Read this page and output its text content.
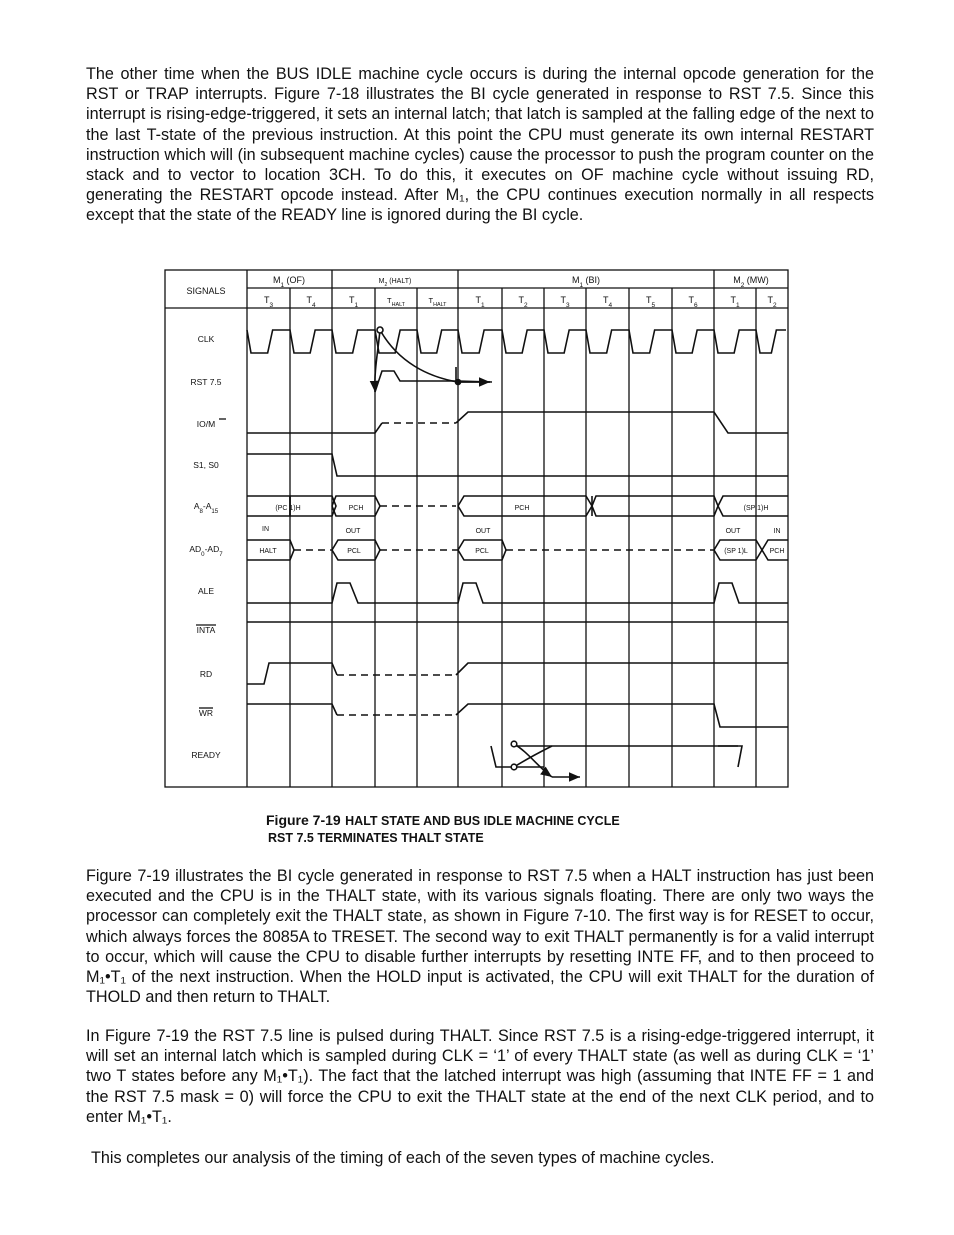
The other time when the BUS IDLE machine cycle occurs is during the internal opcode generation for the RST or TRAP interrupts. Figure 7-18 illustrates the BI cycle generated in response to RST 7.5. Since this interrupt is rising-edge-triggered, it sets an internal latch; that latch is sampled at the falling edge of the next to the last T-state of the previous instruction. At this point the CPU must generate its own internal RESTART instruction which will (in subsequent machine cycles) cause the processor to push the program counter on the stack and to vector to location 3CH. To do this, it executes on OF machine cycle without issuing RD, generating the RESTART opcode instead. After M₁, the CPU continues execution normally in all respects except that the state of the READY line is ignored during the BI cycle.

SIGNALS
$M_1$ (OF)	$M_2$ (HALT)	$M_1$ (BI)	$M_2$ (MW)
$T_3$	$T_4$	$T_1$	$T_{HALT}$	$T_{HALT}$	$T_1$	$T_2$	$T_3$	$T_4$	$T_5$	$T_6$	$T_1$	$T_2$
CLK
RST 7.5
IO/M
S1, S0
$A_8-A_{15}$
$AD_0-AD_7$
ALE
INTA
RD
WR
READY
(PC 1)H	PCH	PCH	(SP 1)H
IN
HALT
OUT
PCL
OUT
PCL
OUT
(SP 1)L
IN
PCH
Figure 7-19 HALT STATE AND BUS IDLE MACHINE CYCLE
RST 7.5 TERMINATES THALT STATE

Figure 7-19 illustrates the BI cycle generated in response to RST 7.5 when a HALT instruction has just been executed and the CPU is in the THALT state, with its various signals floating. There are only two ways the processor can completely exit the THALT state, as shown in Figure 7-10. The first way is for RESET to occur, which always forces the 8085A to TRESET. The second way to exit THALT permanently is for a valid interrupt to occur, which will cause the CPU to disable further interrupts by resetting INTE FF, and to then proceed to M₁•T₁ of the next instruction. When the HOLD input is activated, the CPU will exit THALT for the duration of THOLD and then return to THALT.

In Figure 7-19 the RST 7.5 line is pulsed during THALT. Since RST 7.5 is a rising-edge-triggered interrupt, it will set an internal latch which is sampled during CLK = ‘1’ of every THALT state (as well as during CLK = ‘1’ two T states before any M₁•T₁). The fact that the latched interrupt was high (assuming that INTE FF = 1 and the RST 7.5 mask = 0) will force the CPU to exit the THALT state at the end of the next CLK period, and to enter M₁•T₁.

This completes our analysis of the timing of each of the seven types of machine cycles.
